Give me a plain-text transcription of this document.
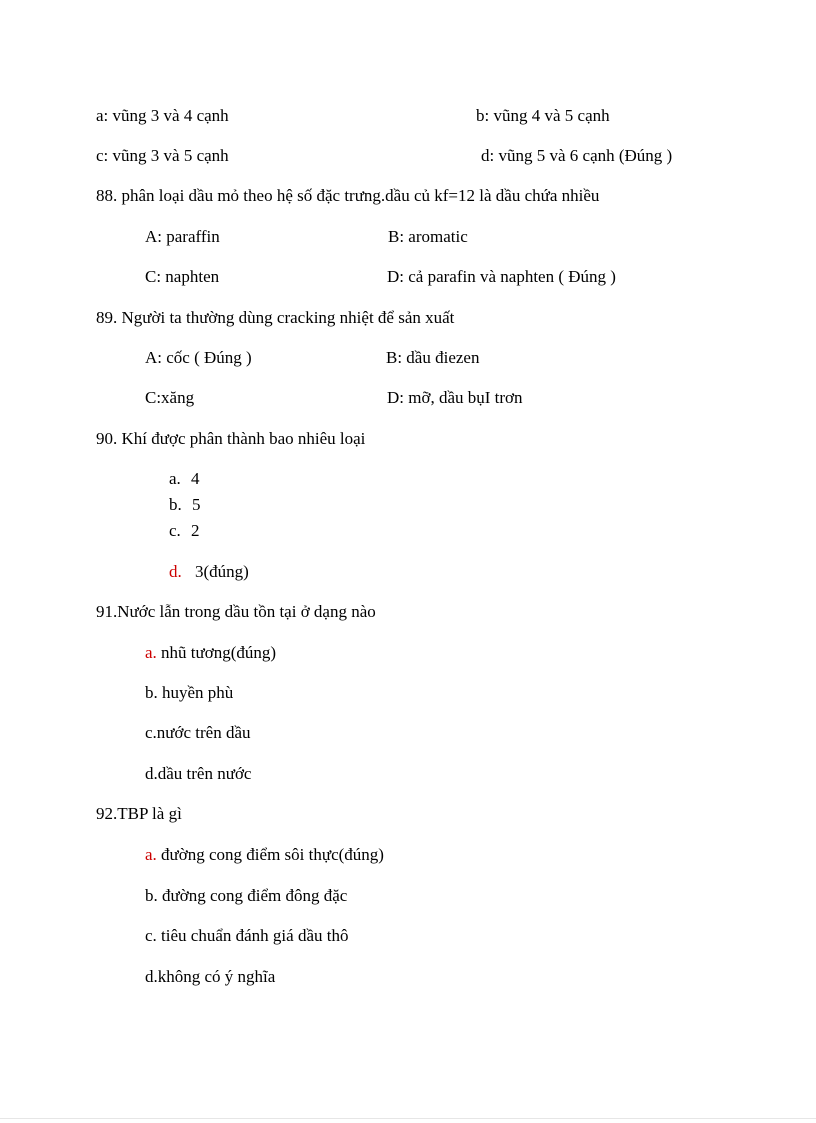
a: vũng 3 và 4 cạnh	b: vũng 4 và 5 cạnh
c: vũng 3 và 5 cạnh	d: vũng 5 và 6 cạnh (Đúng )
88. phân loại dầu mỏ theo hệ số đặc trưng.dầu củ kf=12 là dầu chứa nhiều
A: paraffin	B: aromatic
C: naphten	D: cả parafin và naphten ( Đúng )
89. Người ta thường dùng cracking nhiệt để sản xuất
A: cốc ( Đúng )	B: dầu điezen
C:xăng	D: mỡ, dầu bụI trơn
90. Khí được phân thành bao nhiêu loại
a. 4
b. 5
c. 2
d. 3(đúng)
91.Nước lẫn trong dầu tồn tại ở dạng nào
a. nhũ tương(đúng)
b. huyền phù
c.nước trên dầu
d.dầu trên nước
92.TBP là gì
a. đường cong điểm sôi thực(đúng)
b. đường cong điểm đông đặc
c. tiêu chuẩn đánh giá dầu thô
d.không có ý nghĩa
